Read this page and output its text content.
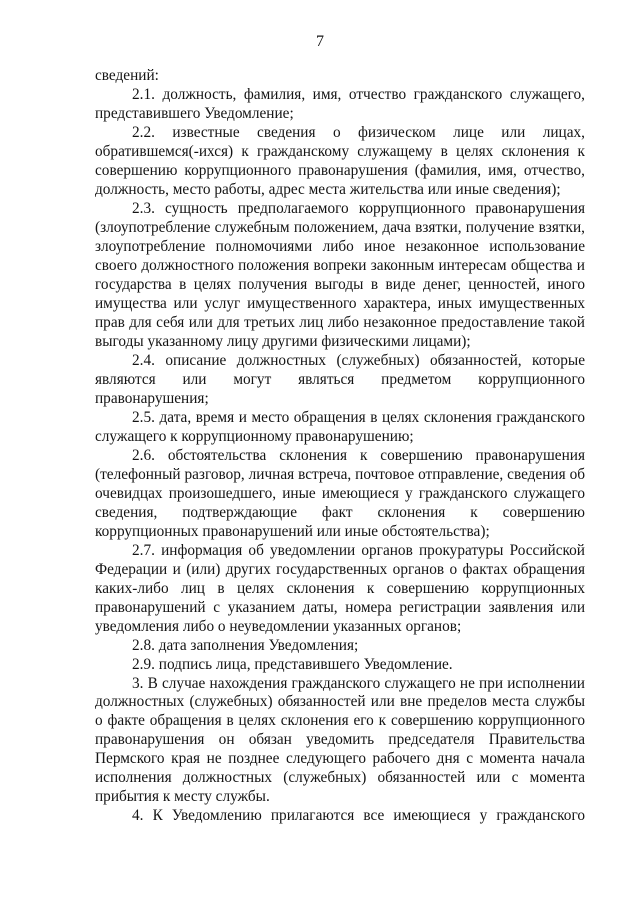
7

сведений:

2.1. должность, фамилия, имя, отчество гражданского служащего, представившего Уведомление;

2.2. известные сведения о физическом лице или лицах, обратившемся(-ихся) к гражданскому служащему в целях склонения к совершению коррупционного правонарушения (фамилия, имя, отчество, должность, место работы, адрес места жительства или иные сведения);

2.3. сущность предполагаемого коррупционного правонарушения (злоупотребление служебным положением, дача взятки, получение взятки, злоупотребление полномочиями либо иное незаконное использование своего должностного положения вопреки законным интересам общества и государства в целях получения выгоды в виде денег, ценностей, иного имущества или услуг имущественного характера, иных имущественных прав для себя или для третьих лиц либо незаконное предоставление такой выгоды указанному лицу другими физическими лицами);

2.4. описание должностных (служебных) обязанностей, которые являются или могут являться предметом коррупционного правонарушения;

2.5. дата, время и место обращения в целях склонения гражданского служащего к коррупционному правонарушению;

2.6. обстоятельства склонения к совершению правонарушения (телефонный разговор, личная встреча, почтовое отправление, сведения об очевидцах произошедшего, иные имеющиеся у гражданского служащего сведения, подтверждающие факт склонения к совершению коррупционных правонарушений или иные обстоятельства);

2.7. информация об уведомлении органов прокуратуры Российской Федерации и (или) других государственных органов о фактах обращения каких-либо лиц в целях склонения к совершению коррупционных правонарушений с указанием даты, номера регистрации заявления или уведомления либо о неуведомлении указанных органов;

2.8. дата заполнения Уведомления;

2.9. подпись лица, представившего Уведомление.

3. В случае нахождения гражданского служащего не при исполнении должностных (служебных) обязанностей или вне пределов места службы о факте обращения в целях склонения его к совершению коррупционного правонарушения он обязан уведомить председателя Правительства Пермского края не позднее следующего рабочего дня с момента начала исполнения должностных (служебных) обязанностей или с момента прибытия к месту службы.

4. К Уведомлению прилагаются все имеющиеся у гражданского
